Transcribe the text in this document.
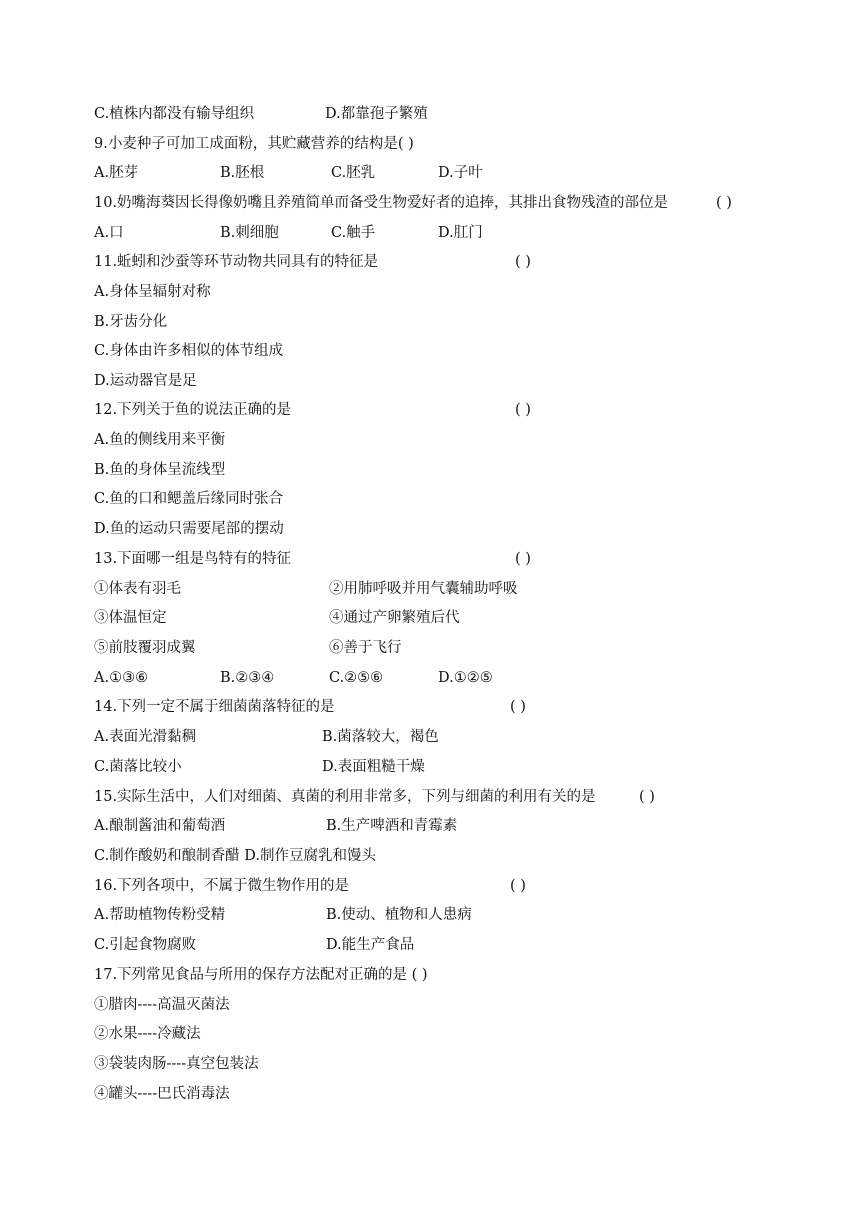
C.植株内都没有输导组织	D.都靠孢子繁殖
9.小麦种子可加工成面粉，其贮藏营养的结构是( )
A.胚芽	B.胚根	C.胚乳	D.子叶
10.奶嘴海葵因长得像奶嘴且养殖简单而备受生物爱好者的追捧，其排出食物残渣的部位是	( )
A.口	B.刺细胞	C.触手	D.肛门
11.蚯蚓和沙蚕等环节动物共同具有的特征是	( )
A.身体呈辐射对称
B.牙齿分化
C.身体由许多相似的体节组成
D.运动器官是足
12.下列关于鱼的说法正确的是	( )
A.鱼的侧线用来平衡
B.鱼的身体呈流线型
C.鱼的口和鳃盖后缘同时张合
D.鱼的运动只需要尾部的摆动
13.下面哪一组是鸟特有的特征	( )
①体表有羽毛	②用肺呼吸并用气囊辅助呼吸
③体温恒定	④通过产卵繁殖后代
⑤前肢覆羽成翼	⑥善于飞行
A.①③⑥	B.②③④	C.②⑤⑥	D.①②⑤
14.下列一定不属于细菌菌落特征的是	( )
A.表面光滑黏稠	B.菌落较大，褐色
C.菌落比较小	D.表面粗糙干燥
15.实际生活中，人们对细菌、真菌的利用非常多，下列与细菌的利用有关的是	( )
A.酿制酱油和葡萄酒	B.生产啤酒和青霉素
C.制作酸奶和酿制香醋 D.制作豆腐乳和馒头
16.下列各项中，不属于微生物作用的是	( )
A.帮助植物传粉受精	B.使动、植物和人患病
C.引起食物腐败	D.能生产食品
17.下列常见食品与所用的保存方法配对正确的是 ( )
①腊肉----高温灭菌法
②水果----冷藏法
③袋装肉肠----真空包装法
④罐头----巴氏消毒法
